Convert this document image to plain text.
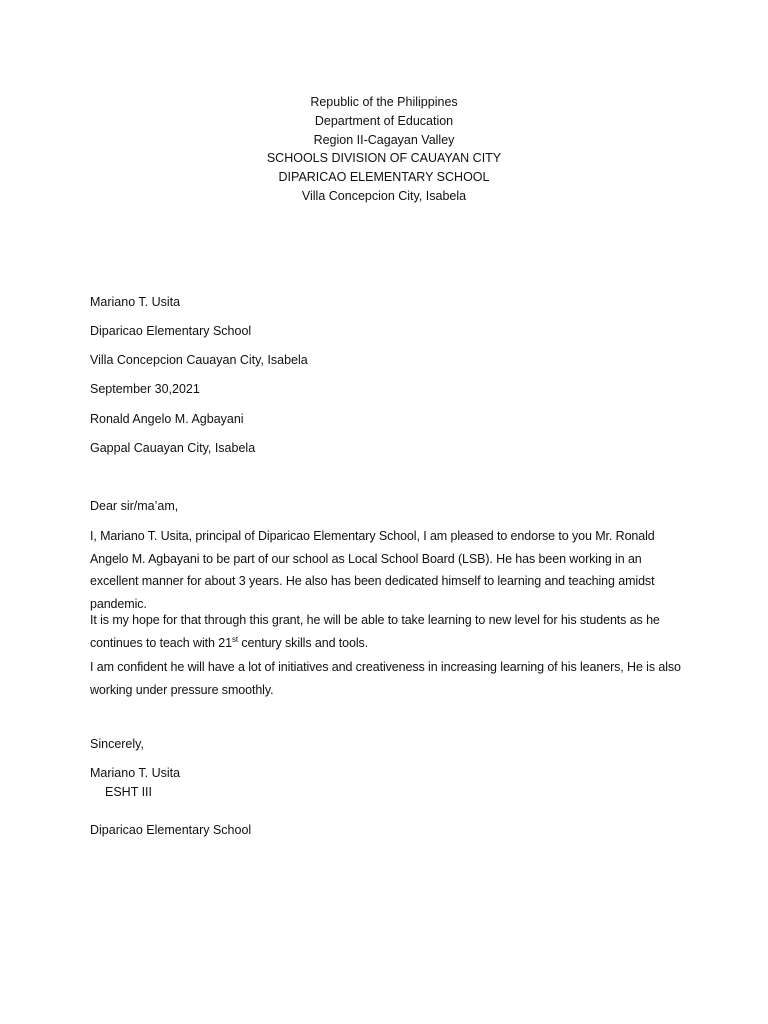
Republic of the Philippines
Department of Education
Region II-Cagayan Valley
SCHOOLS DIVISION OF CAUAYAN CITY
DIPARICAO ELEMENTARY SCHOOL
Villa Concepcion City, Isabela
Mariano T. Usita
Diparicao Elementary School
Villa Concepcion Cauayan City, Isabela
September 30,2021
Ronald Angelo M. Agbayani
Gappal Cauayan City, Isabela
Dear sir/ma’am,
I, Mariano T. Usita, principal of Diparicao Elementary School, I am pleased to endorse to you Mr. Ronald Angelo M. Agbayani to be part of our school as Local School Board (LSB). He has been working in an excellent manner for about 3 years. He also has been dedicated himself to learning and teaching amidst pandemic.
It is my hope for that through this grant, he will be able to take learning to new level for his students as he continues to teach with 21st century skills and tools.
I am confident he will have a lot of initiatives and creativeness in increasing learning of his leaners, He is also working under pressure smoothly.
Sincerely,
Mariano T. Usita
ESHT III
Diparicao Elementary School
